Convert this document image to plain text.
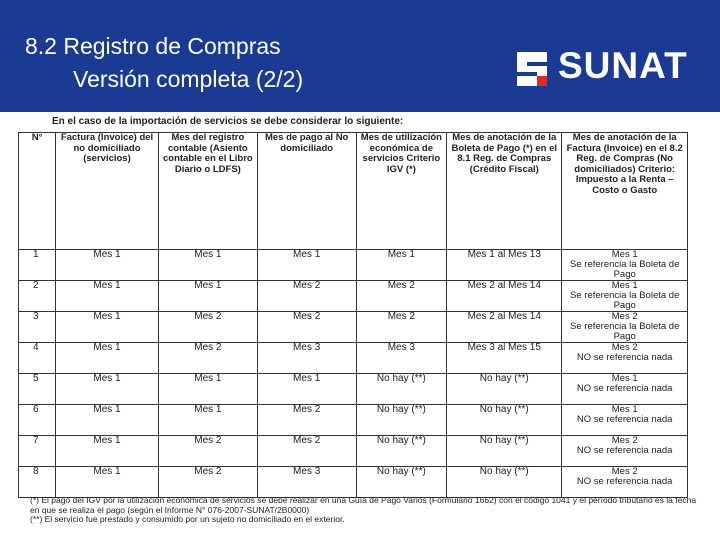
8.2 Registro de Compras
Versión completa (2/2)	SUNAT
En el caso de la importación de servicios se debe considerar lo siguiente:
N°	Factura (Invoice) del no domiciliado (servicios)	Mes del registro contable (Asiento contable en el Libro Diario o LDFS)	Mes de pago al No domiciliado	Mes de utilización económica de servicios Criterio IGV (*)	Mes de anotación de la Boleta de Pago (*) en el 8.1 Reg. de Compras (Crédito Fiscal)	Mes de anotación de la Factura (Invoice) en el 8.2 Reg. de Compras (No domiciliados) Criterio: Impuesto a la Renta – Costo o Gasto
1	Mes 1	Mes 1	Mes 1	Mes 1	Mes 1 al Mes 13	Mes 1
Se referencia la Boleta de Pago
2	Mes 1	Mes 1	Mes 2	Mes 2	Mes 2 al Mes 14	Mes 1
Se referencia la Boleta de Pago
3	Mes 1	Mes 2	Mes 2	Mes 2	Mes 2 al Mes 14	Mes 2
Se referencia la Boleta de Pago
4	Mes 1	Mes 2	Mes 3	Mes 3	Mes 3 al Mes 15	Mes 2
NO se referencia nada
5	Mes 1	Mes 1	Mes 1	No hay (**)	No hay (**)	Mes 1
NO se referencia nada
6	Mes 1	Mes 1	Mes 2	No hay (**)	No hay (**)	Mes 1
NO se referencia nada
7	Mes 1	Mes 2	Mes 2	No hay (**)	No hay (**)	Mes 2
NO se referencia nada
8	Mes 1	Mes 2	Mes 3	No hay (**)	No hay (**)	Mes 2
NO se referencia nada

(*) El pago del IGV por la utilización económica de servicios se debe realizar en una Guía de Pago Varios (Formulario 1662) con el código 1041 y el período tributario es la fecha en que se realiza el pago (según el Informe N° 076-2007-SUNAT/2B0000)

(**) El servicio fue prestado y consumido por un sujeto no domiciliado en el exterior.
